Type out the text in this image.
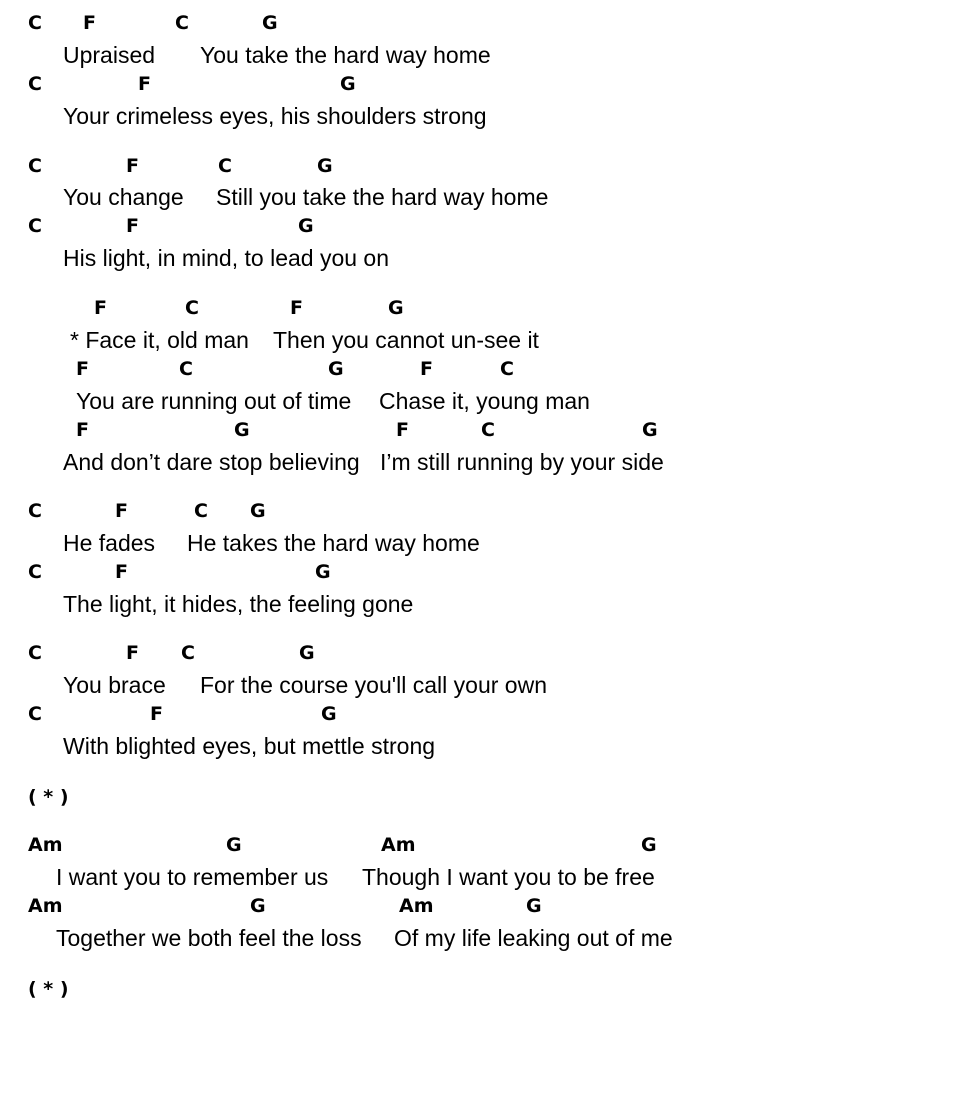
C F	C	G
Upraised You take the hard way home
C	F	G
Your crimeless eyes, his shoulders strong
C	F	C	G
You change Still you take the hard way home
C	F	G
His light, in mind, to lead you on
F	C	F	G
* Face it, old man Then you cannot un-see it
F	C	G	F	C
You are running out of time Chase it, young man
F	G	F	C	G
And don’t dare stop believing I’m still running by your side
C	F	C G
He fades He takes the hard way home
C	F	G
The light, it hides, the feeling gone
C	F C	G
You brace For the course you'll call your own
C	F	G
With blighted eyes, but mettle strong
( * )
Am	G	Am	G
I want you to remember us Though I want you to be free
Am	G	Am	G
Together we both feel the loss Of my life leaking out of me
( * )
